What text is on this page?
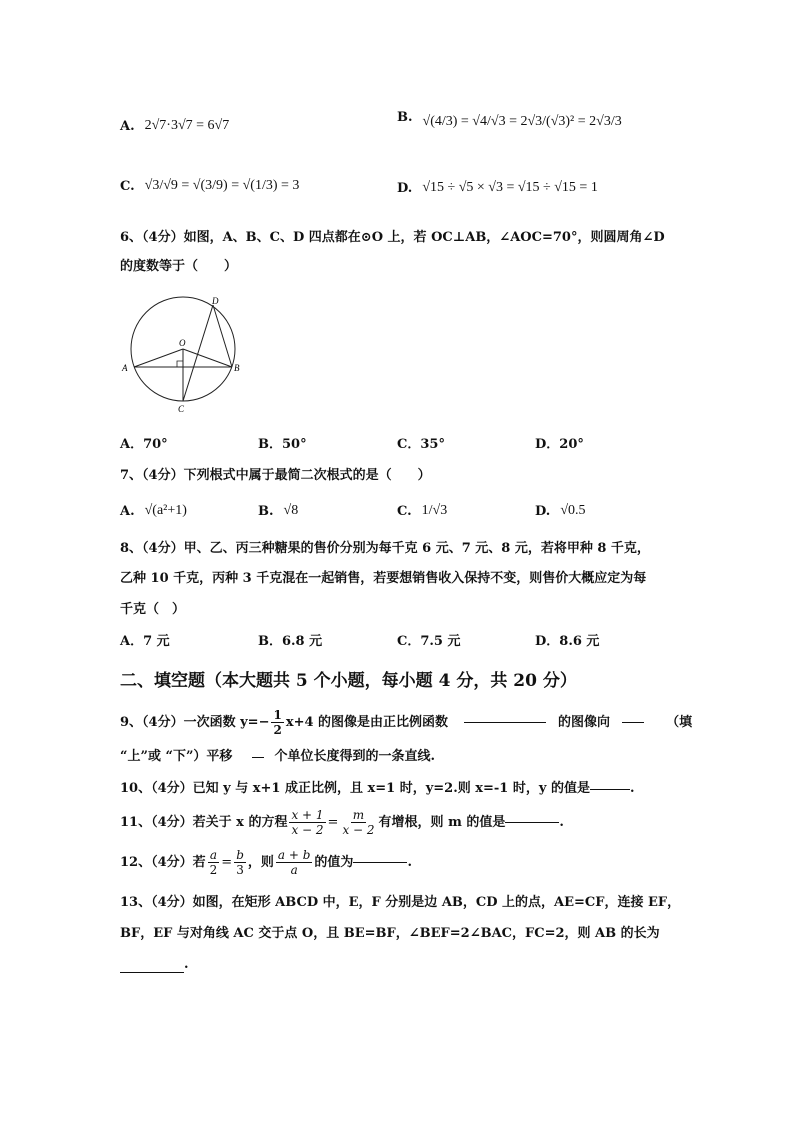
A. 2√7·3√7 = 6√7
B. √(4/3) = √4/√3 = 2√3/(√3)² = 2√3/3
C. √3/√9 = √(3/9) = √(1/3) = 3	D. √15 ÷ √5 × √3 = √15 ÷ √15 = 1
6、（4分）如图，A、B、C、D 四点都在⊙O 上，若 OC⊥AB，∠AOC=70°，则圆周角∠D
的度数等于（　　）
A	B
C
D
O
A．70°	B．50°	C．35°	D．20°
7、（4分）下列根式中属于最简二次根式的是（　　）
A. √(a²+1)	B. √8	C. 1/√3	D. √0.5
8、（4分）甲、乙、丙三种糖果的售价分别为每千克 6 元、7 元、8 元，若将甲种 8 千克，
乙种 10 千克，丙种 3 千克混在一起销售，若要想销售收入保持不变，则售价大概应定为每
千克（　）
A．7 元	B．6.8 元	C．7.5 元	D．8.6 元
二、填空题（本大题共 5 个小题，每小题 4 分，共 20 分）
9、（4分）一次函数 $y=- \frac{1}{2} x+4$ 的图像是由正比例函数	的图像向	（填
“上”或 “下”）平移	个单位长度得到的一条直线.
10、（4分）已知 y 与 x+1 成正比例，且 x=1 时，y=2.则 x=-1 时，y 的值是	.
11、（4分）若关于 x 的方程 $\frac{x + 1}{x - 2} = \frac{m}{x - 2}$ 有增根，则 m 的值是	.
12、（4分）若 $\frac{a}{2} = \frac{b}{3}$ ，则 $\frac{a + b}{a}$ 的值为	.
13、（4分）如图，在矩形 ABCD 中，E，F 分别是边 AB，CD 上的点，AE=CF，连接 EF，
BF，EF 与对角线 AC 交于点 O，且 BE=BF，∠BEF=2∠BAC，FC=2，则 AB 的长为
.
